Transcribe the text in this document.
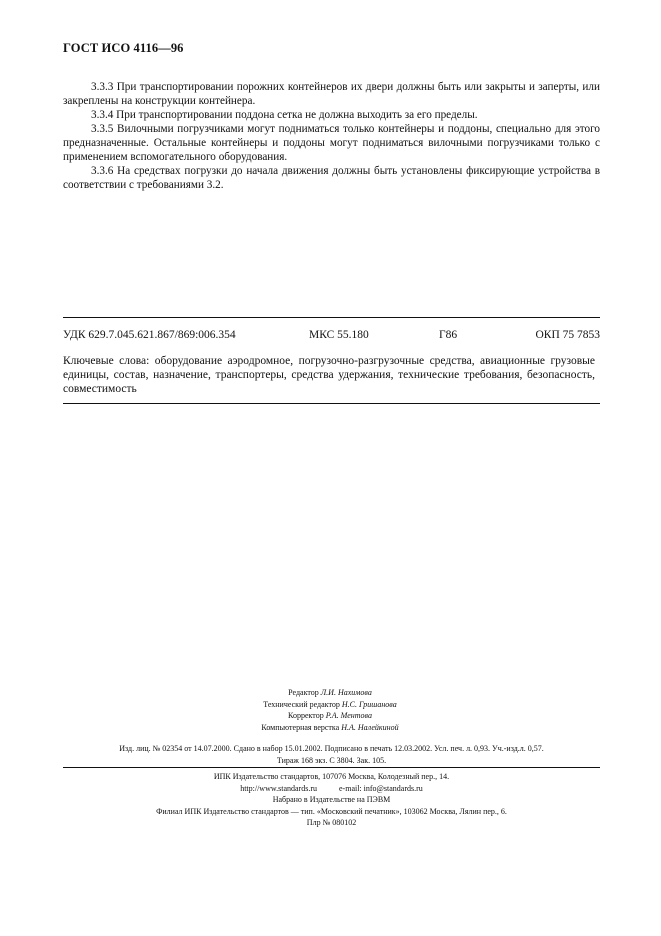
ГОСТ ИСО 4116—96

3.3.3 При транспортировании порожних контейнеров их двери должны быть или закрыты и заперты, или закреплены на конструкции контейнера.

3.3.4 При транспортировании поддона сетка не должна выходить за его пределы.

3.3.5 Вилочными погрузчиками могут подниматься только контейнеры и поддоны, специально для этого предназначенные. Остальные контейнеры и поддоны могут подниматься вилочными погрузчиками только с применением вспомогательного оборудования.

3.3.6 На средствах погрузки до начала движения должны быть установлены фиксирующие устройства в соответствии с требованиями 3.2.

УДК 629.7.045.621.867/869:006.354	МКС 55.180	Г86	ОКП 75 7853
Ключевые слова: оборудование аэродромное, погрузочно-разгрузочные средства, авиационные грузовые единицы, состав, назначение, транспортеры, средства удержания, технические требования, безопасность, совместимость
Редактор Л.И. Нахимова
Технический редактор Н.С. Гришанова
Корректор Р.А. Ментова
Компьютерная верстка Н.А. Налейкиной
Изд. лиц. № 02354 от 14.07.2000. Сдано в набор 15.01.2002. Подписано в печать 12.03.2002. Усл. печ. л. 0,93. Уч.-изд.л. 0,57.
Тираж 168 экз. С 3804. Зак. 105.
ИПК Издательство стандартов, 107076 Москва, Колодезный пер., 14.
http://www.standards.ru	e-mail: info@standards.ru
Набрано в Издательстве на ПЭВМ
Филиал ИПК Издательство стандартов — тип. «Московский печатник», 103062 Москва, Лялин пер., 6.
Плр № 080102
